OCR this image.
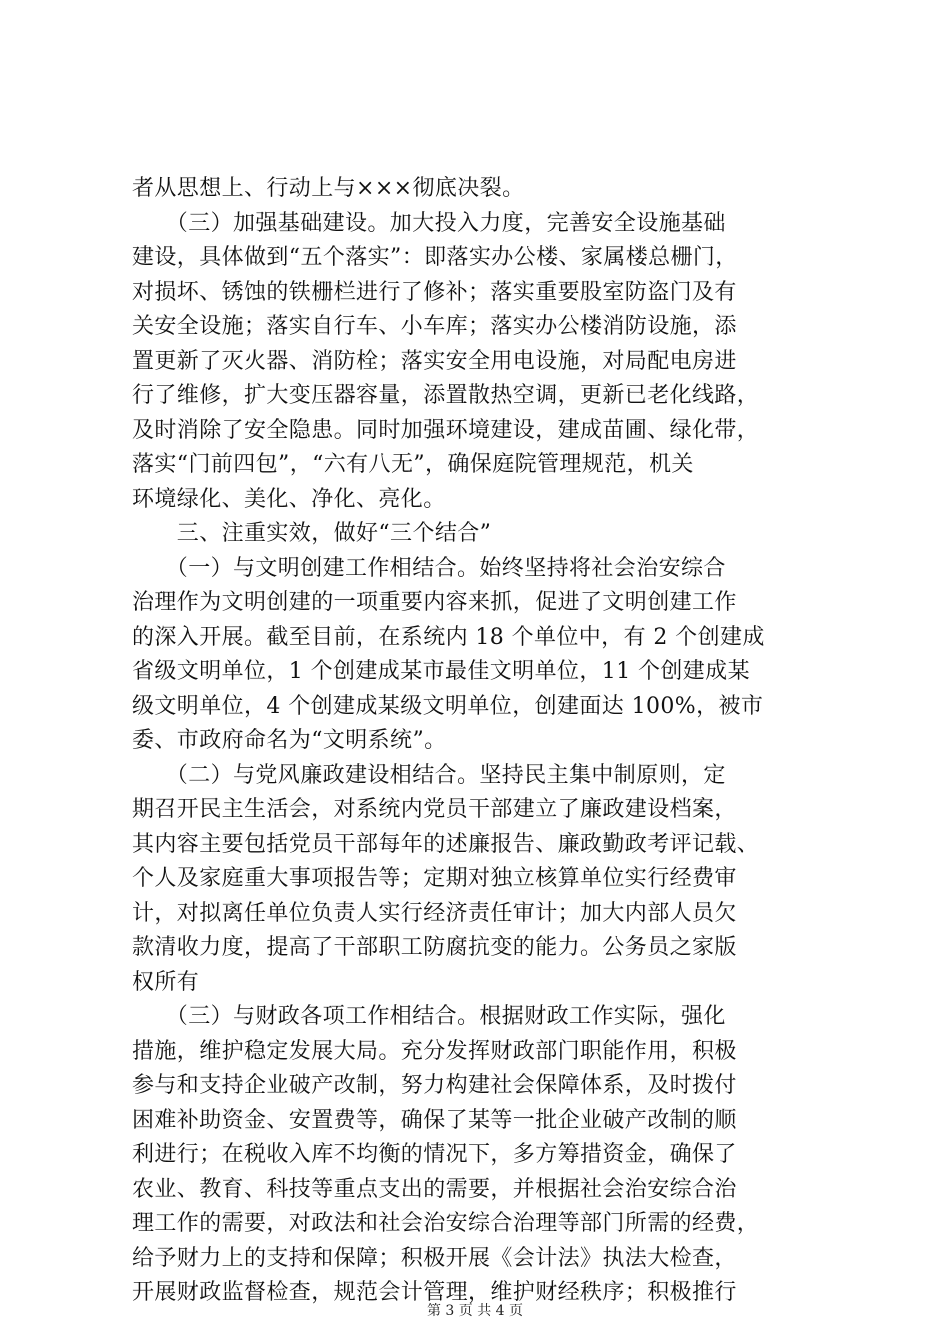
者从思想上、行动上与×××彻底决裂。
　　（三）加强基础建设。加大投入力度，完善安全设施基础
建设，具体做到“五个落实”：即落实办公楼、家属楼总栅门，
对损坏、锈蚀的铁栅栏进行了修补；落实重要股室防盗门及有
关安全设施；落实自行车、小车库；落实办公楼消防设施，添
置更新了灭火器、消防栓；落实安全用电设施，对局配电房进
行了维修，扩大变压器容量，添置散热空调，更新已老化线路，
及时消除了安全隐患。同时加强环境建设，建成苗圃、绿化带，
落实“门前四包”，“六有八无”，确保庭院管理规范，机关
环境绿化、美化、净化、亮化。
　　三、注重实效，做好“三个结合”
　　（一）与文明创建工作相结合。始终坚持将社会治安综合
治理作为文明创建的一项重要内容来抓，促进了文明创建工作
的深入开展。截至目前，在系统内 18 个单位中，有 2 个创建成
省级文明单位，1 个创建成某市最佳文明单位，11 个创建成某
级文明单位，4 个创建成某级文明单位，创建面达 100%，被市
委、市政府命名为“文明系统”。
　　（二）与党风廉政建设相结合。坚持民主集中制原则，定
期召开民主生活会，对系统内党员干部建立了廉政建设档案，
其内容主要包括党员干部每年的述廉报告、廉政勤政考评记载、
个人及家庭重大事项报告等；定期对独立核算单位实行经费审
计，对拟离任单位负责人实行经济责任审计；加大内部人员欠
款清收力度，提高了干部职工防腐抗变的能力。公务员之家版
权所有
　　（三）与财政各项工作相结合。根据财政工作实际，强化
措施，维护稳定发展大局。充分发挥财政部门职能作用，积极
参与和支持企业破产改制，努力构建社会保障体系，及时拨付
困难补助资金、安置费等，确保了某等一批企业破产改制的顺
利进行；在税收入库不均衡的情况下，多方筹措资金，确保了
农业、教育、科技等重点支出的需要，并根据社会治安综合治
理工作的需要，对政法和社会治安综合治理等部门所需的经费，
给予财力上的支持和保障；积极开展《会计法》执法大检查，
开展财政监督检查，规范会计管理，维护财经秩序；积极推行
第 3 页 共 4 页
